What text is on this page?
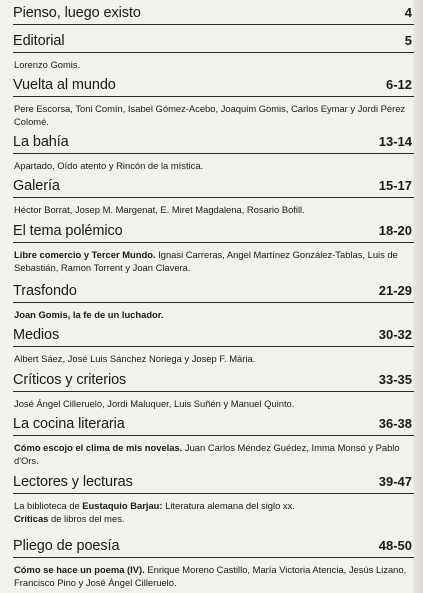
Pienso, luego existo	4
Editorial	5
Lorenzo Gomis.
Vuelta al mundo	6-12
Pere Escorsa, Toni Comín, Isabel Gómez-Acebo, Joaquim Gomis, Carlos Eymar y Jordi Pérez Colomé.
La bahía	13-14
Apartado, Oído atento y Rincón de la mística.
Galería	15-17
Héctor Borrat, Josep M. Margenat, E. Miret Magdalena, Rosario Bofill.
El tema polémico	18-20
Libre comercio y Tercer Mundo. Ignasi Carreras, Angel Martínez González-Tablas, Luis de Sebastián, Ramon Torrent y Joan Clavera.
Trasfondo	21-29
Joan Gomis, la fe de un luchador.
Medios	30-32
Albert Sáez, José Luis Sánchez Noriega y Josep F. Mària.
Críticos y criterios	33-35
José Ángel Cilleruelo, Jordi Maluquer, Luis Suñén y Manuel Quinto.
La cocina literaria	36-38
Cómo escojo el clima de mis novelas. Juan Carlos Méndez Guédez, Imma Monsó y Pablo d'Ors.
Lectores y lecturas	39-47
La biblioteca de Eustaquio Barjau: Literatura alemana del siglo xx.
Críticas de libros del mes.
Pliego de poesía	48-50
Cómo se hace un poema (IV). Enrique Moreno Castillo, María Victoria Atencia, Jesús Lizano, Francisco Pino y José Ángel Cilleruelo.
